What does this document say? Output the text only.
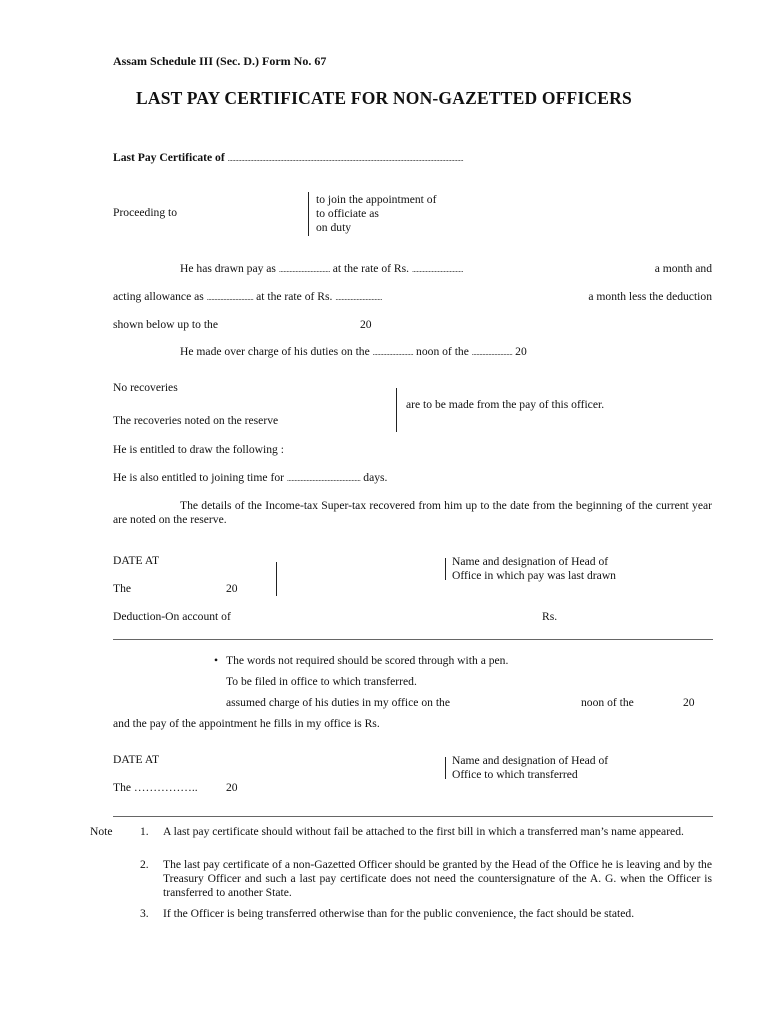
Assam Schedule III (Sec. D.) Form No. 67
LAST PAY CERTIFICATE FOR NON-GAZETTED OFFICERS
Last Pay Certificate of .............................................................................................................................................................
Proceeding to
to join the appointment of
to officiate as
on duty
He has drawn pay as .................................. at the rate of Rs. ..................................	a month and
acting allowance as ............................... at the rate of Rs. ...............................	a month less the deduction
shown below up to the	20
He made over charge of his duties on the ........................... noon of the ........................... 20
No recoveries
The recoveries noted on the reserve
are to be made from the pay of this officer.
He is entitled to draw the following :
He is also entitled to joining time for ................................................. days.
The details of the Income-tax Super-tax recovered from him up to the date from the beginning of the current year are noted on the reserve.
DATE AT
The	20
Name and designation of Head of
Office in which pay was last drawn
Deduction-On account of	Rs.
• The words not required should be scored through with a pen.
To be filed in office to which transferred.
assumed charge of his duties in my office on the	noon of the	20
and the pay of the appointment he fills in my office is Rs.
DATE AT
The …………….. 20
Name and designation of Head of
Office to which transferred
Note 1. A last pay certificate should without fail be attached to the first bill in which a transferred man’s name appeared.
2. The last pay certificate of a non-Gazetted Officer should be granted by the Head of the Office he is leaving and by the Treasury Officer and such a last pay certificate does not need the countersignature of the A. G. when the Officer is transferred to another State.
3. If the Officer is being transferred otherwise than for the public convenience, the fact should be stated.
